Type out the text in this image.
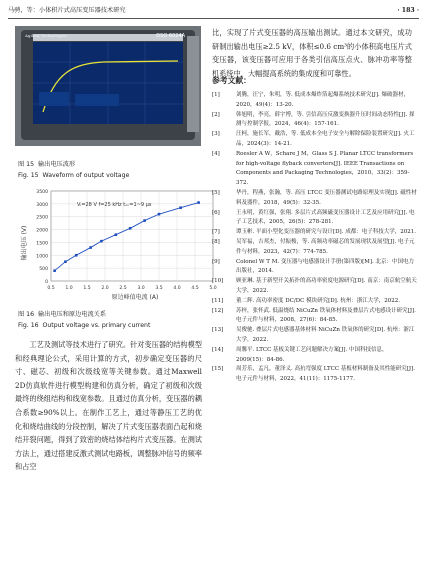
马骋，等：小体积片式高压变压器技术研究	· 183 ·
Agilent Technologies	DSO 6024A
图 15 输出电压波形
Fig. 15 Waveform of output voltage
5.0
4.5
4.0
3.5
3.0
2.5
2.0
1.5
1.0
0.5
3500
3000
2500
2000
1500
1000
500
0
输出电压 (V)
原边峰值电流 (A)
Vᵢ=28 V f=25 kHz tₒₙ=1~9 μs
图 16 输出电压和原边电流关系
Fig. 16 Output voltage vs. primary current

工艺及测试等技术进行了研究。针对变压器的结构模型和经典理论公式，采用计算的方式，初步确定变压器的尺寸、磁芯、初级和次级线宽等关键参数。通过Maxwell 2D仿真软件进行模型构建和仿真分析，确定了初级和次级最终的绕组结构和线宽参数。且通过仿真分析，变压器的耦合系数≥90%以上。在制作工艺上，通过等静压工艺的优化和烧结曲线的分段控制，解决了片式变压器表面凸起和烧结开裂问题，得到了致密的烧结体结构片式变压器。在测试方法上，通过搭建反激式测试电路板，调整脉冲信号的频率和占空

比，实现了片式变压器的高压输出测试。通过本文研究，成功研制出输出电压≥2.5 kV，体积≤0.6 cm³的小体积高电压片式变压器，该变压器可应用于各类引信高压点火、脉冲功率等整机系统中，大幅提高系统的集成度和可靠性。

参考文献：
[1]	刘腾，汪宁，朱明，等. 低成本爆炸箔起爆系统技术研究[J]. 爆破器材，2020，49(4)：13-20.
[2]	韩旭明，李亮，薛宇博，等. 引信高压反激变换器升压时间动态特性[J]. 探测与控制学报，2024，46(4)：157-161.
[3]	汪柯，施长军，戴浩，等. 低成本全电子安全与解除保险装置研究[J]. 火工品，2024(3)：14-21.
[4]	Roesler A W，Schare J M，Glass S J. Planar LTCC transformers for high-voltage flyback converters[J]. IEEE Transactions on Components and Packaging Technologies，2010，33(2)：359-372.
[5]	华丹，程燕，张瀚，等. 高压 LTCC 变压器测试电路原理及实现[J]. 磁性材料及器件，2018，49(5)：32-35.
[6]	王永明，黄红强，张翔. 多层片式高频磁变压器设计工艺及应用研究[J]. 电子工艺技术，2005，26(5)：278-281.
[7]	谭玉彬. 平面小型化变压器的研究与设计[D]. 成都：电子科技大学，2021.
[8]	吴军福，吉邦杰，付振梭，等. 高频功率磁芯的发展现状及展望[J]. 电子元件与材料，2023，42(7)：774-785.
[9]	Colonel W T M. 变压器与电感器设计手册(第四版)[M]. 北京：中国电力出版社，2014.
[10] 顾亚琳. 基于新型开关拓扑的高功率密度电源研究[D]. 南京：南京航空航天大学，2022.
[11] 董二辉. 高功率密度 DC/DC 模块研究[D]. 杭州：浙江大学，2022.
[12] 苏梓，张怀武. 低温烧结 NiCuZn 铁氧体材料及叠层片式电感设计研究[J]. 电子元件与材料，2008，27(6)：84-85.
[13] 吴俊驰. 叠层片式电感器基体材料 NiCuZn 铁氧体的研究[D]. 杭州：浙江大学，2022.
[14] 周馨平. LTCC 基板关键工艺问题解决方案[J]. 中国科技信息，2009(15)：84-86.
[15] 周芳乐，孟凡，董泽义. 高抗弯强度 LTCC 基板材料制备及其性能研究[J]. 电子元件与材料，2022，41(11)：1175-1177.
